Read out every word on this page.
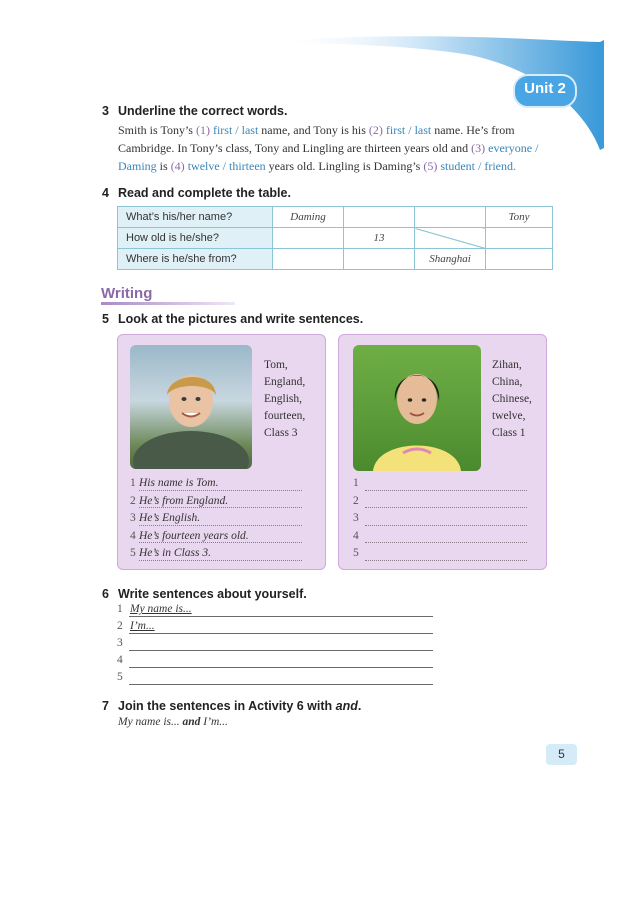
Unit 2
3 Underline the correct words.
Smith is Tony’s (1) first / last name, and Tony is his (2) first / last name. He’s from
Cambridge. In Tony’s class, Tony and Lingling are thirteen years old and (3) everyone /
Daming is (4) twelve / thirteen years old. Lingling is Daming’s (5) student / friend.
4 Read and complete the table.
What’s his/her name?	Daming			Tony
How old is he/she?		13		
Where is he/she from?			Shanghai	
Writing
5 Look at the pictures and write sentences.
Tom,
England,
English,
fourteen,
Class 3
1 His name is Tom.
2 He’s from England.
3 He’s English.
4 He’s fourteen years old.
5 He’s in Class 3.
Zihan,
China,
Chinese,
twelve,
Class 1
1
2
3
4
5
6 Write sentences about yourself.
1 My name is...
2 I’m...
3
4
5
7 Join the sentences in Activity 6 with and.
My name is... and I’m...
5
